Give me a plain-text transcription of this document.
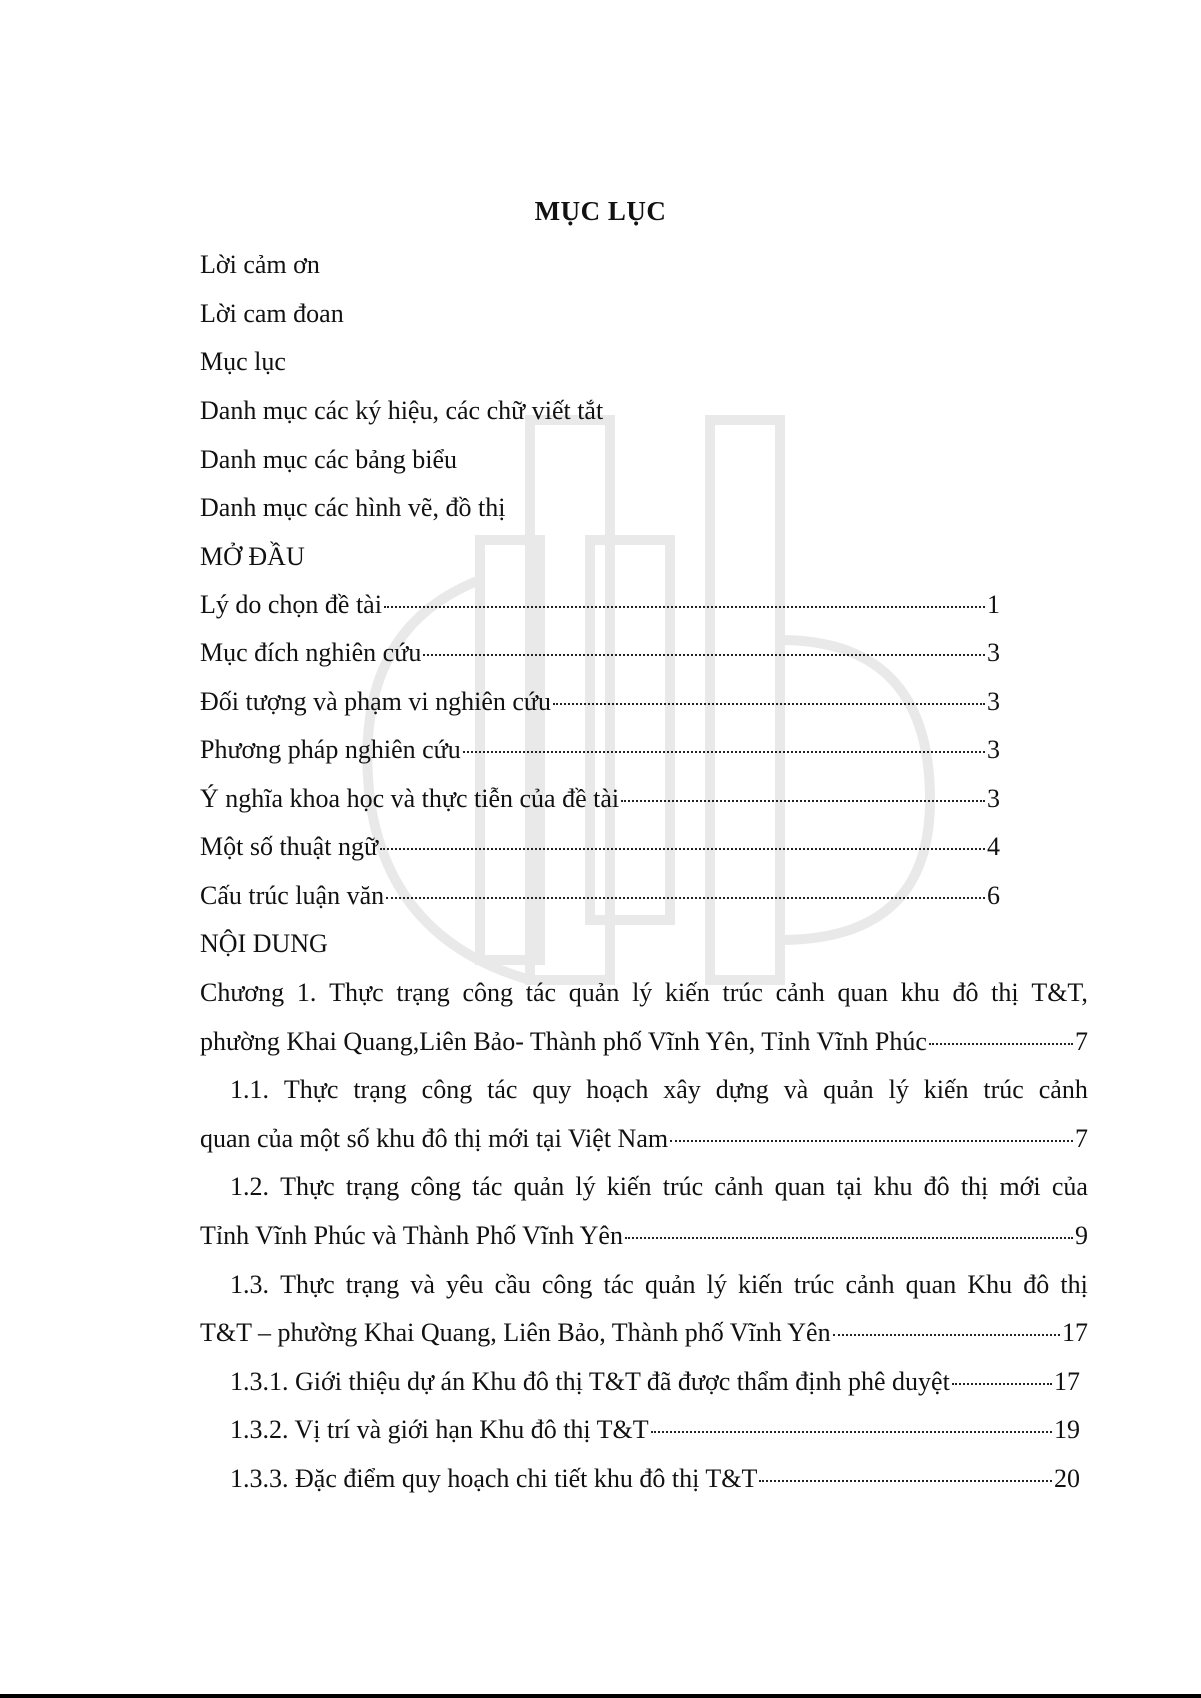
MỤC LỤC
Lời cảm ơn
Lời cam đoan
Mục lục
Danh mục các ký hiệu, các chữ viết tắt
Danh mục các bảng biểu
Danh mục các hình vẽ, đồ thị
MỞ ĐẦU
Lý do chọn đề tài	1
Mục đích nghiên cứu	3
Đối tượng và phạm vi nghiên cứu	3
Phương pháp nghiên cứu	3
Ý nghĩa khoa học và thực tiễn của đề tài	3
Một số thuật ngữ	4
Cấu trúc luận văn	6
NỘI DUNG
Chương 1. Thực trạng công tác quản lý kiến trúc cảnh quan khu đô thị T&T,
phường Khai Quang,Liên Bảo- Thành phố Vĩnh Yên, Tỉnh Vĩnh Phúc	7
1.1. Thực trạng công tác quy hoạch xây dựng và quản lý kiến trúc cảnh
quan của một số khu đô thị mới tại Việt Nam	7
1.2. Thực trạng công tác quản lý kiến trúc cảnh quan tại khu đô thị mới của
Tỉnh Vĩnh Phúc và Thành Phố Vĩnh Yên	9
1.3. Thực trạng và yêu cầu công tác quản lý kiến trúc cảnh quan Khu đô thị
T&T – phường Khai Quang, Liên Bảo, Thành phố Vĩnh Yên	17
1.3.1. Giới thiệu dự án Khu đô thị T&T đã được thẩm định phê duyệt	17
1.3.2. Vị trí và giới hạn Khu đô thị T&T	19
1.3.3. Đặc điểm quy hoạch chi tiết khu đô thị T&T	20
